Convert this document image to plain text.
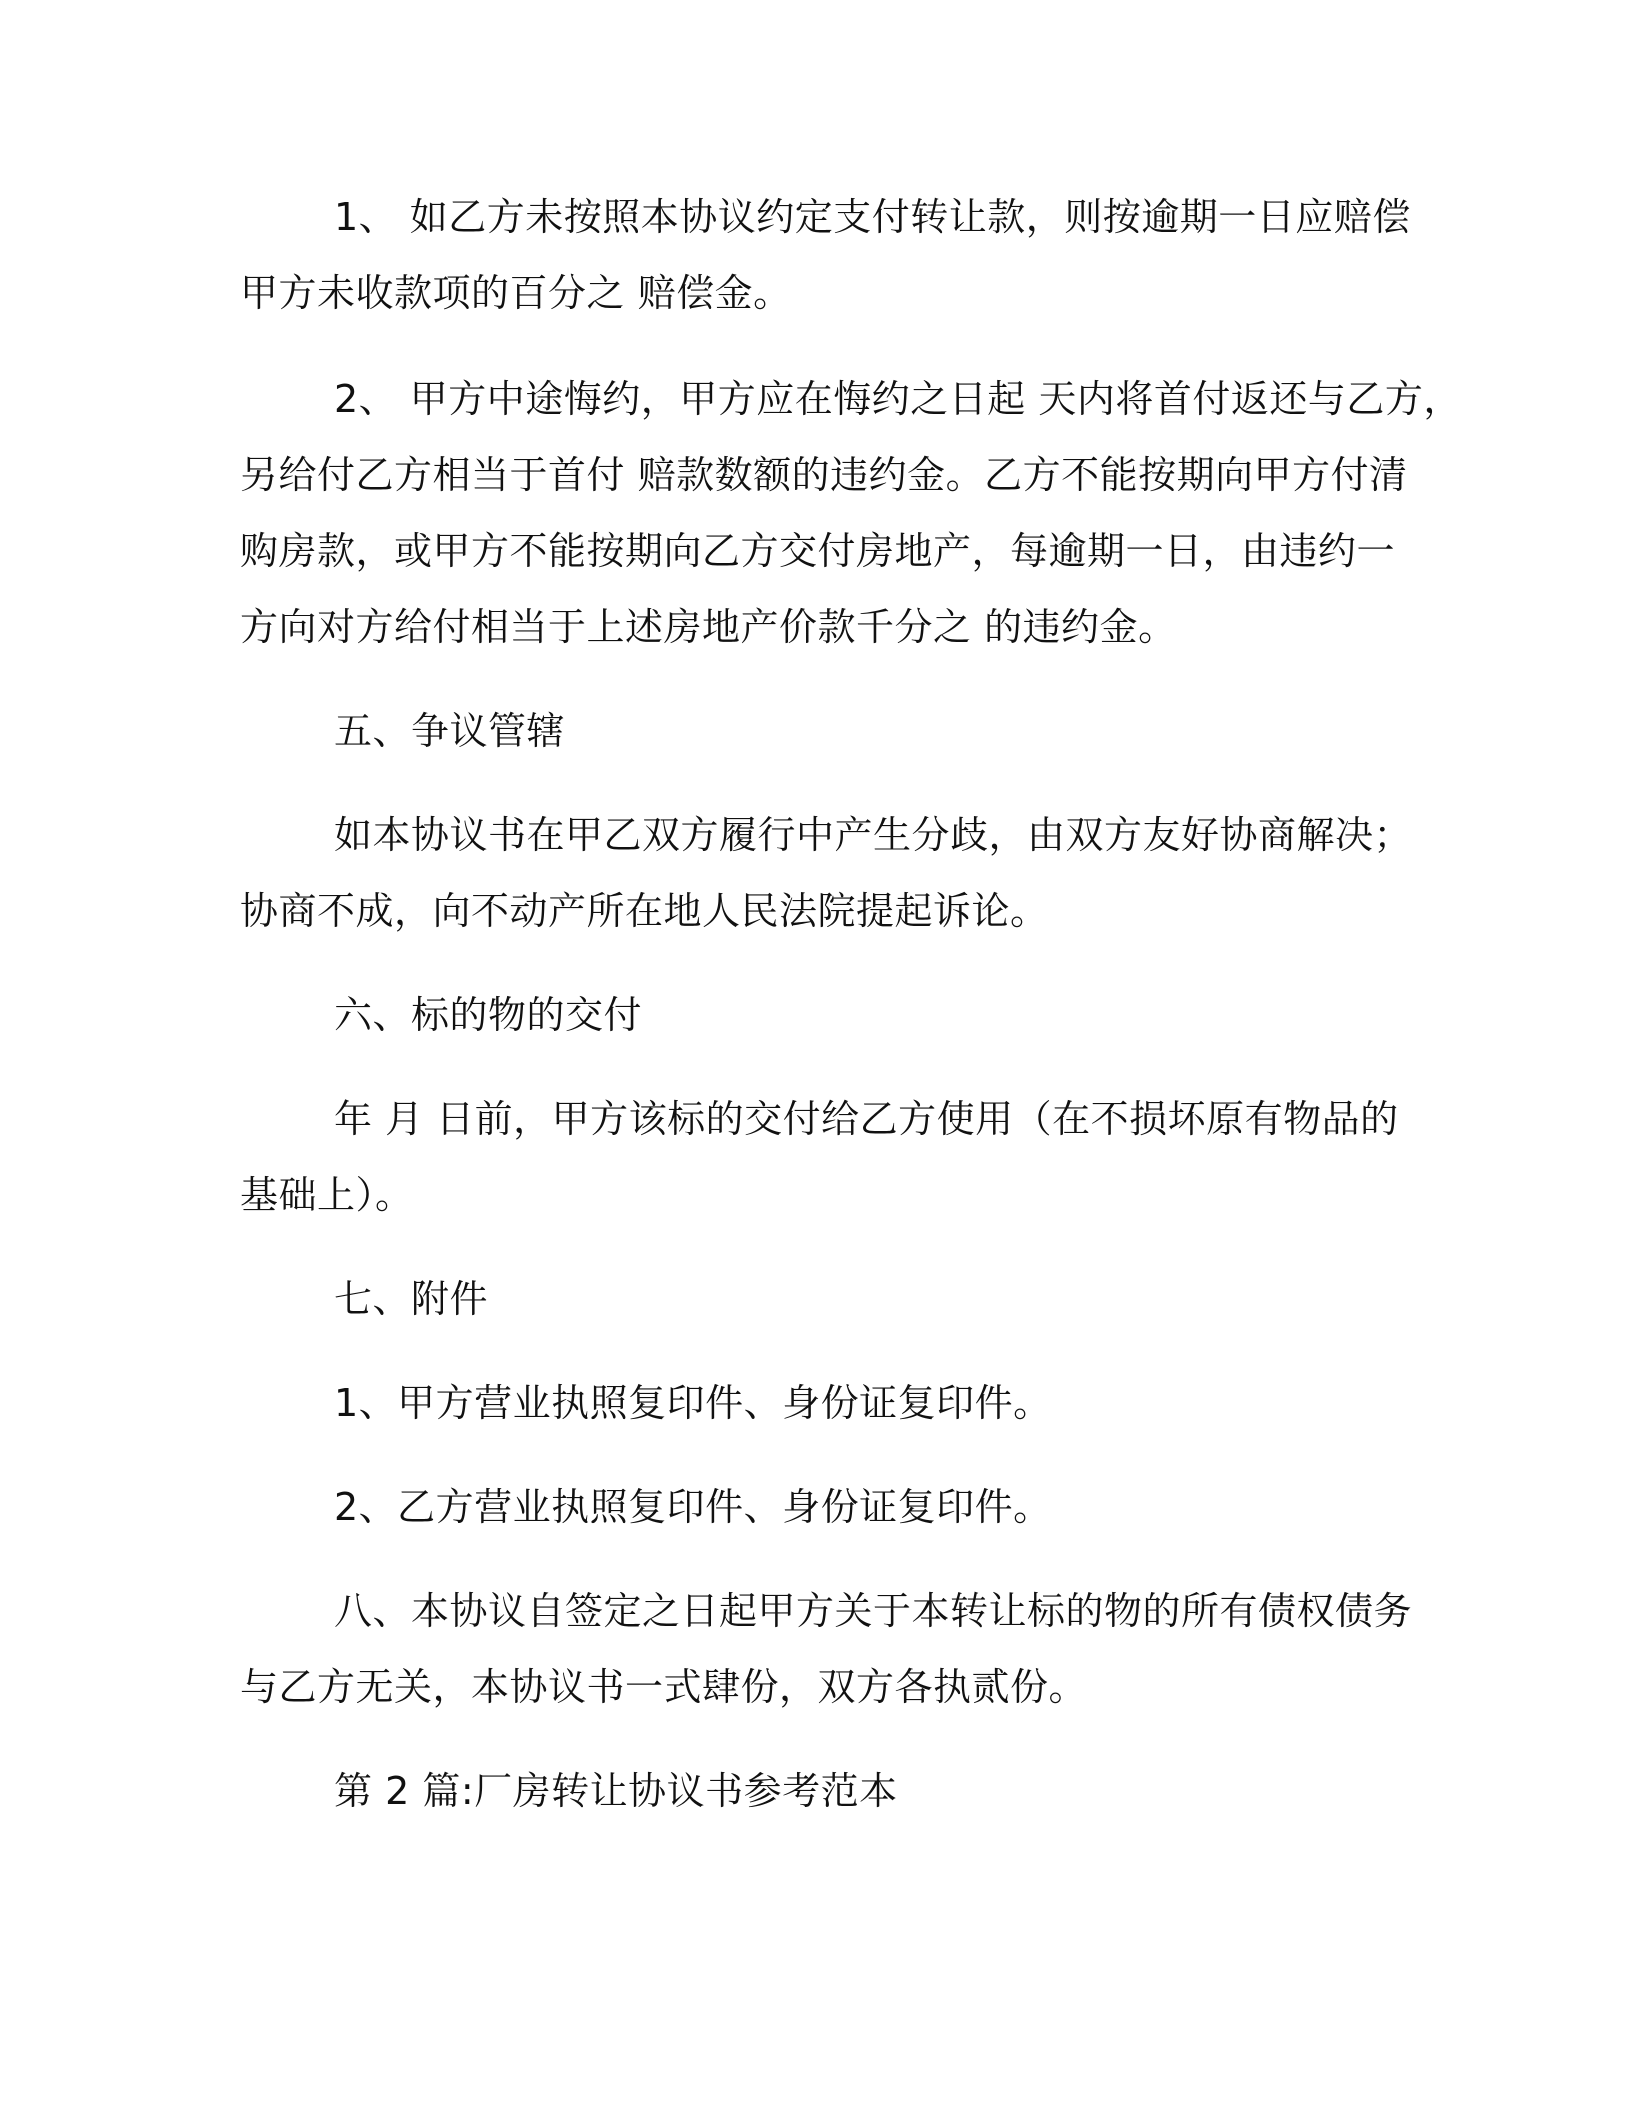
1、 如乙方未按照本协议约定支付转让款，则按逾期一日应赔偿
甲方未收款项的百分之 赔偿金。
2、 甲方中途悔约，甲方应在悔约之日起 天内将首付返还与乙方，
另给付乙方相当于首付 赔款数额的违约金。乙方不能按期向甲方付清
购房款，或甲方不能按期向乙方交付房地产，每逾期一日，由违约一
方向对方给付相当于上述房地产价款千分之 的违约金。
五、争议管辖
如本协议书在甲乙双方履行中产生分歧，由双方友好协商解决；
协商不成，向不动产所在地人民法院提起诉论。
六、标的物的交付
年 月 日前，甲方该标的交付给乙方使用（在不损坏原有物品的
基础上）。
七、附件
1、甲方营业执照复印件、身份证复印件。
2、乙方营业执照复印件、身份证复印件。
八、本协议自签定之日起甲方关于本转让标的物的所有债权债务
与乙方无关，本协议书一式肆份，双方各执贰份。
第 2 篇:厂房转让协议书参考范本
